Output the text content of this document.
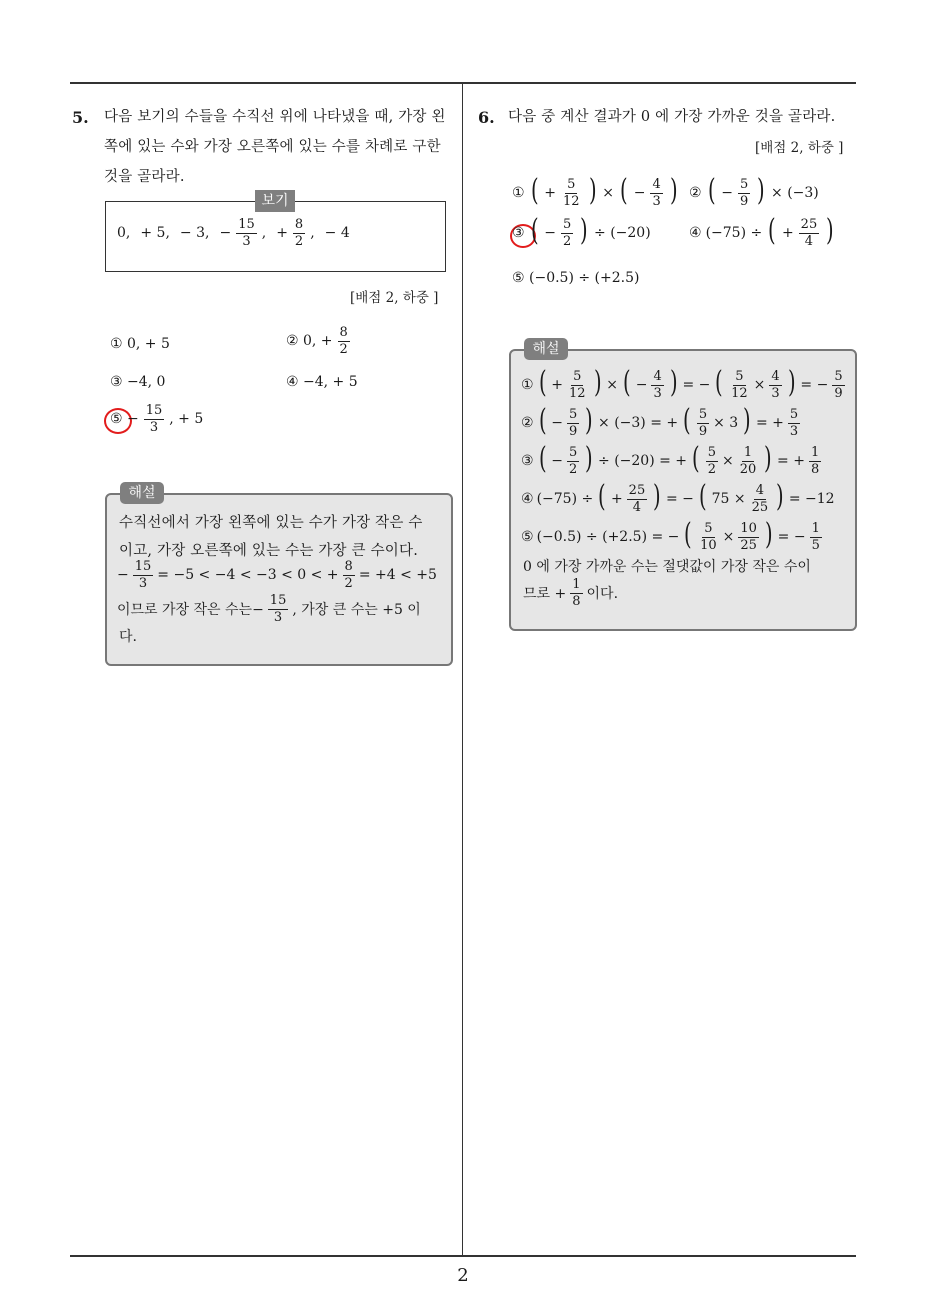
2
5. 다음 보기의 수들을 수직선 위에 나타냈을 때, 가장 왼
쪽에 있는 수와 가장 오른쪽에 있는 수를 차례로 구한
것을 골라라.
보기
0, + 5, − 3, − $\frac{15}{3}$ , + $\frac{8}{2}$ , − 4
[배점 2, 하중 ]
① 0, + 5	② 0, + $\frac{8}{2}$
③ −4, 0	④ −4, + 5
⑤ − $\frac{15}{3}$ , + 5
해설
수직선에서 가장 왼쪽에 있는 수가 가장 작은 수
이고, 가장 오른쪽에 있는 수는 가장 큰 수이다.
− $\frac{15}{3} = -5 < -4 < -3 < 0$ < + $\frac{8}{2} = +4 < +5$
이므로 가장 작은 수는− $\frac{15}{3}$ , 가장 큰 수는 +5 이
다.
6. 다음 중 계산 결과가 0 에 가장 가까운 것을 골라라.
[배점 2, 하중 ]
① ( + $\frac{5}{12}$ ) × ( − $\frac{4}{3}$ ) ② ( − $\frac{5}{9}$ ) × (−3)
③ ( − $\frac{5}{2}$ ) ÷ (−20)	④ (−75) ÷ ( + $\frac{25}{4}$ )
⑤ (−0.5) ÷ (+2.5)
해설
① ( + $\frac{5}{12}$ ) × ( − $\frac{4}{3}$ ) = − ( $\frac{5}{12} \times \frac{4}{3}$ ) = − $\frac{5}{9}$
② ( − $\frac{5}{9}$ ) × (−3) = + ( $\frac{5}{9} \times 3$ ) = + $\frac{5}{3}$
③ ( − $\frac{5}{2}$ ) ÷ (−20) = + ( $\frac{5}{2} \times \frac{1}{20}$ ) = + $\frac{1}{8}$
④ (−75) ÷ ( + $\frac{25}{4}$ ) = − ( $75 \times \frac{4}{25}$ ) = −12
⑤ (−0.5) ÷ (+2.5) = − ( $\frac{5}{10} \times \frac{10}{25}$ ) = − $\frac{1}{5}$
0 에 가장 가까운 수는 절댓값이 가장 작은 수이
므로 + $\frac{1}{8}$ 이다.
